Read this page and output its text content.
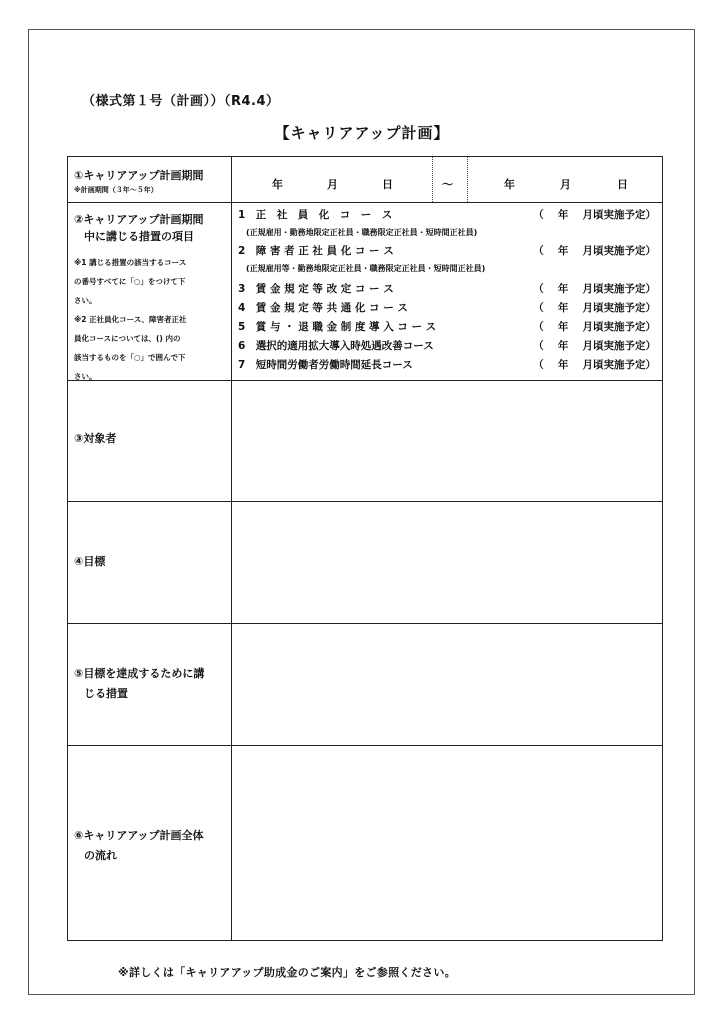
（様式第１号（計画））（R4.4）
【キャリアアップ計画】
①キャリアアップ計画期間
※計画期間（３年～５年）	年	月	日	～	年	月	日
②キャリアアップ計画期間
中に講じる措置の項目
※1 講じる措置の該当するコース
の番号すべてに「○」をつけて下
さい。
※2 正社員化コース、障害者正社
員化コースについては、() 内の
該当するものを「○」で囲んで下
さい。
1　正　社　員　化　コ　ー　ス	（　 年 　月頃実施予定）
(正規雇用・勤務地限定正社員・職務限定正社員・短時間正社員)
2　障 害 者 正 社 員 化 コ ー ス	（　 年 　月頃実施予定）
(正規雇用等・勤務地限定正社員・職務限定正社員・短時間正社員)
3　賃 金 規 定 等 改 定 コ ー ス	（　 年 　月頃実施予定）
4　賃 金 規 定 等 共 通 化 コ ー ス	（　 年 　月頃実施予定）
5　賞 与 ・ 退 職 金 制 度 導 入 コ ー ス	（　 年 　月頃実施予定）
6　選択的適用拡大導入時処遇改善コース	（　 年 　月頃実施予定）
7　短時間労働者労働時間延長コース	（　 年 　月頃実施予定）
③対象者
④目標
⑤目標を達成するために講
じる措置
⑥キャリアアップ計画全体
の流れ
※詳しくは「キャリアアップ助成金のご案内」をご参照ください。
